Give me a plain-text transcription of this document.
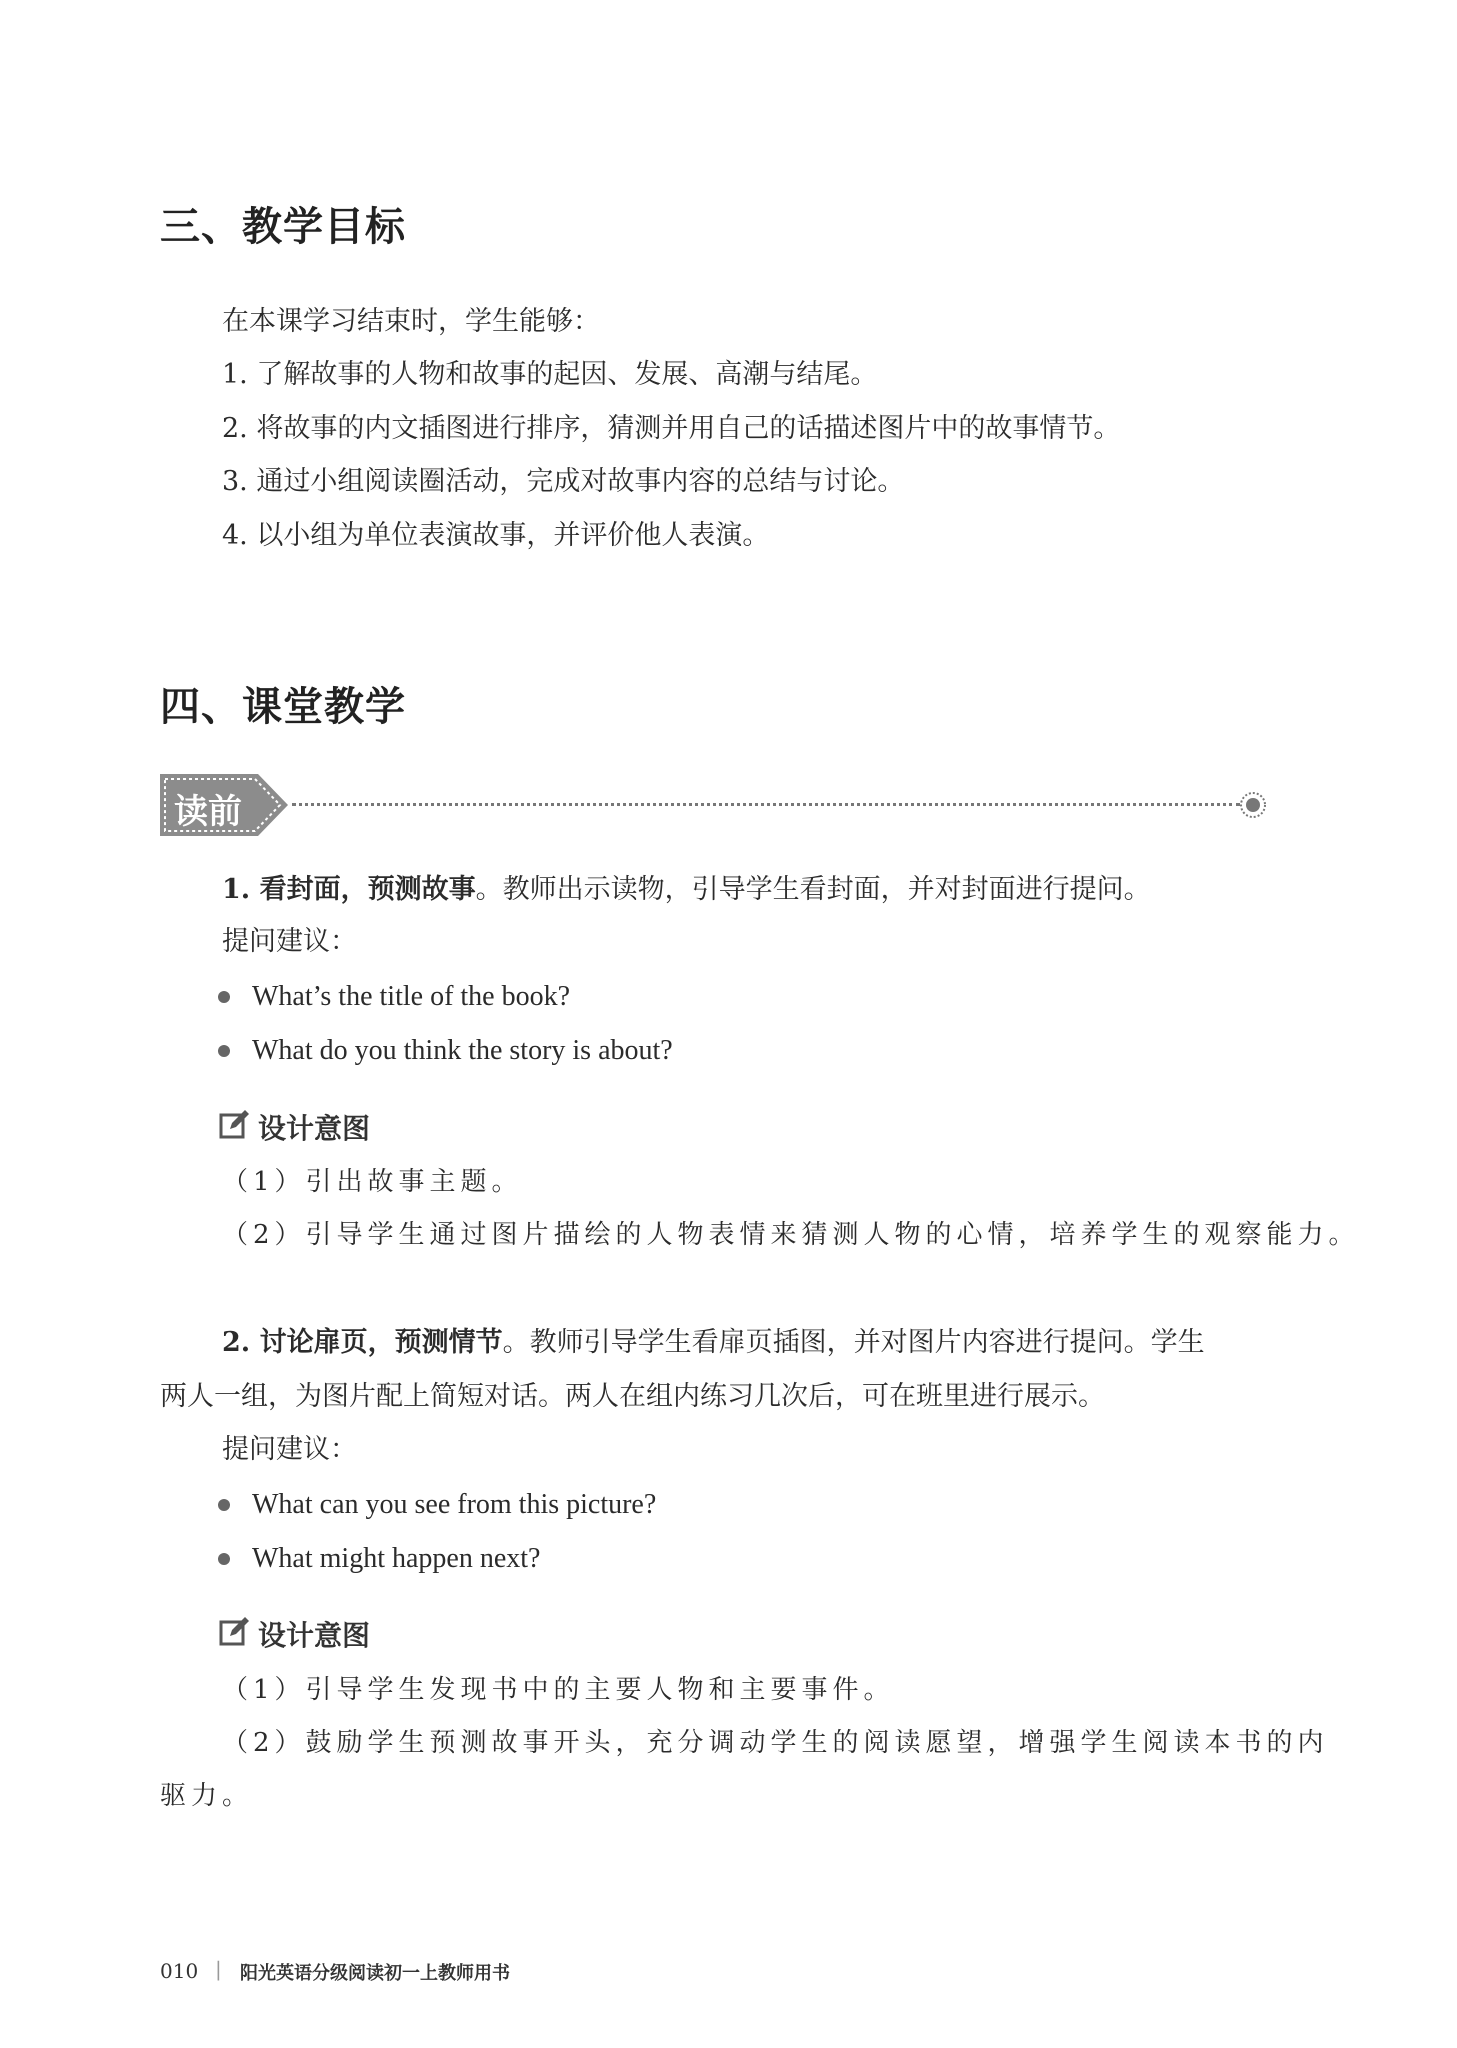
三、教学目标
在本课学习结束时，学生能够：
1. 了解故事的人物和故事的起因、发展、高潮与结尾。
2. 将故事的内文插图进行排序，猜测并用自己的话描述图片中的故事情节。
3. 通过小组阅读圈活动，完成对故事内容的总结与讨论。
4. 以小组为单位表演故事，并评价他人表演。
四、课堂教学
读前
1. 看封面，预测故事。教师出示读物，引导学生看封面，并对封面进行提问。
提问建议：
What’s the title of the book?
What do you think the story is about?
设计意图
（1）引出故事主题。
（2）引导学生通过图片描绘的人物表情来猜测人物的心情，培养学生的观察能力。
2. 讨论扉页，预测情节。教师引导学生看扉页插图，并对图片内容进行提问。学生
两人一组，为图片配上简短对话。两人在组内练习几次后，可在班里进行展示。
提问建议：
What can you see from this picture?
What might happen next?
设计意图
（1）引导学生发现书中的主要人物和主要事件。
（2）鼓励学生预测故事开头，充分调动学生的阅读愿望，增强学生阅读本书的内
驱力。
010 | 阳光英语分级阅读初一上教师用书
